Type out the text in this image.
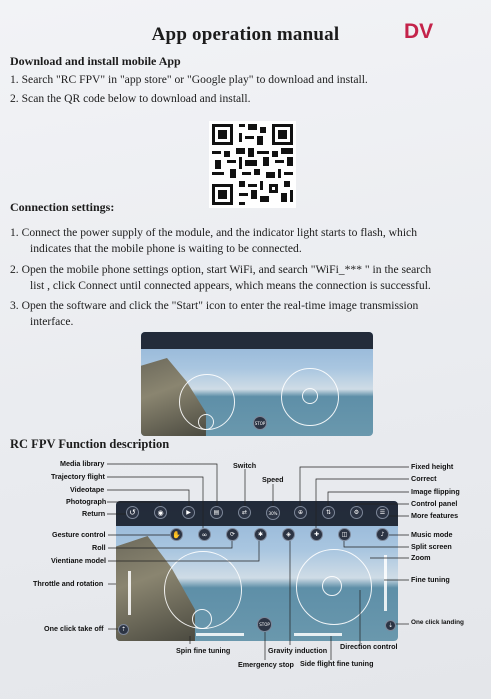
App operation manual	DV
Download and install mobile App
1. Search "RC FPV" in "app store" or "Google play" to download and install.
2. Scan the QR code below to download and install.
Connection settings:
1. Connect the power supply of the module, and the indicator light starts to flash, which
indicates that the mobile phone is waiting to be connected.
2. Open the mobile phone settings option, start WiFi, and search "WiFi_*** " in the search
list , click Connect until connected appears, which means the connection is successful.
3. Open the software and click the "Start" icon to enter the real-time image transmission
interface.
STOP
RC FPV Function description
↺	◉	▶	▤	⇄	30%	⊕	⇅	⚙	☰
✋	∞	⟳	✱	◈	✚	◫	♪
STOP
⇡
⇣
Media library
Trajectory flight
Videotape
Photograph
Return
Gesture control
Roll
Vientiane model
Throttle and rotation
One click take off
Switch
Speed
Fixed height
Correct
Image flipping
Control panel
More features
Music mode
Split screen
Zoom
Fine tuning
One click landing
Spin fine tuning	Gravity induction Direction control
Emergency stop Side flight fine tuning
